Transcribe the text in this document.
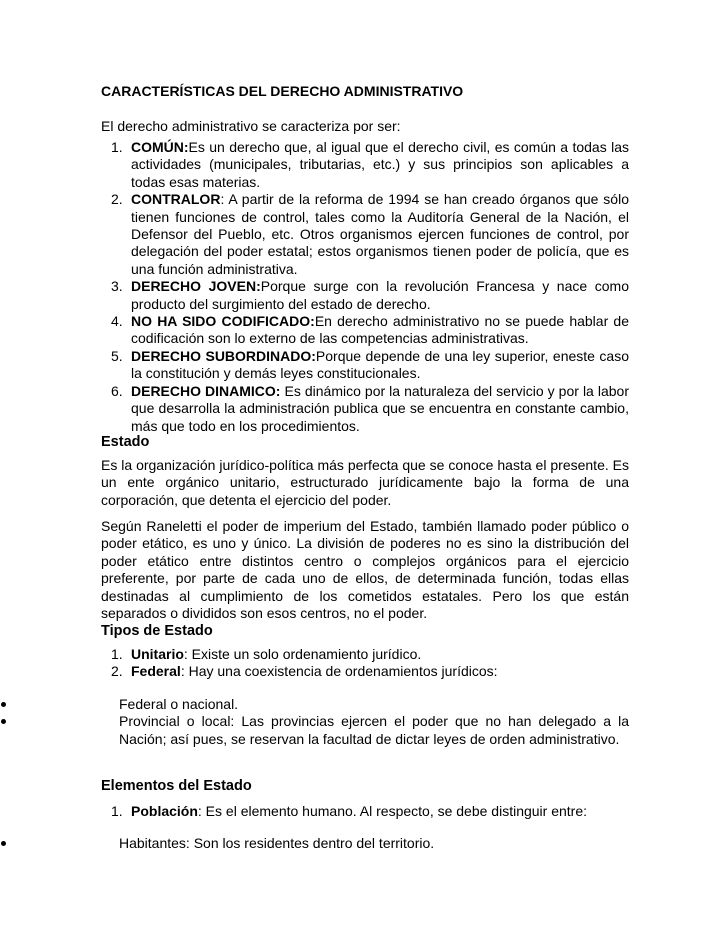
CARACTERÍSTICAS DEL DERECHO ADMINISTRATIVO
El derecho administrativo se caracteriza por ser:
1. COMÚN:Es un derecho que, al igual que el derecho civil, es común a todas las actividades (municipales, tributarias, etc.) y sus principios son aplicables a todas esas materias.
2. CONTRALOR: A partir de la reforma de 1994 se han creado órganos que sólo tienen funciones de control, tales como la Auditoría General de la Nación, el Defensor del Pueblo, etc. Otros organismos ejercen funciones de control, por delegación del poder estatal; estos organismos tienen poder de policía, que es una función administrativa.
3. DERECHO JOVEN:Porque surge con la revolución Francesa y nace como producto del surgimiento del estado de derecho.
4. NO HA SIDO CODIFICADO:En derecho administrativo no se puede hablar de codificación son lo externo de las competencias administrativas.
5. DERECHO SUBORDINADO:Porque depende de una ley superior, eneste caso la constitución y demás leyes constitucionales.
6. DERECHO DINAMICO: Es dinámico por la naturaleza del servicio y por la labor que desarrolla la administración publica que se encuentra en constante cambio, más que todo en los procedimientos.
Estado
Es la organización jurídico-política más perfecta que se conoce hasta el presente. Es un ente orgánico unitario, estructurado jurídicamente bajo la forma de una corporación, que detenta el ejercicio del poder.
Según Raneletti el poder de imperium del Estado, también llamado poder público o poder etático, es uno y único. La división de poderes no es sino la distribución del poder etático entre distintos centro o complejos orgánicos para el ejercicio preferente, por parte de cada uno de ellos, de determinada función, todas ellas destinadas al cumplimiento de los cometidos estatales. Pero los que están separados o divididos son esos centros, no el poder.
Tipos de Estado
1. Unitario: Existe un solo ordenamiento jurídico.
2. Federal: Hay una coexistencia de ordenamientos jurídicos:
Federal o nacional.
Provincial o local: Las provincias ejercen el poder que no han delegado a la Nación; así pues, se reservan la facultad de dictar leyes de orden administrativo.
Elementos del Estado
1. Población: Es el elemento humano. Al respecto, se debe distinguir entre:
Habitantes: Son los residentes dentro del territorio.
